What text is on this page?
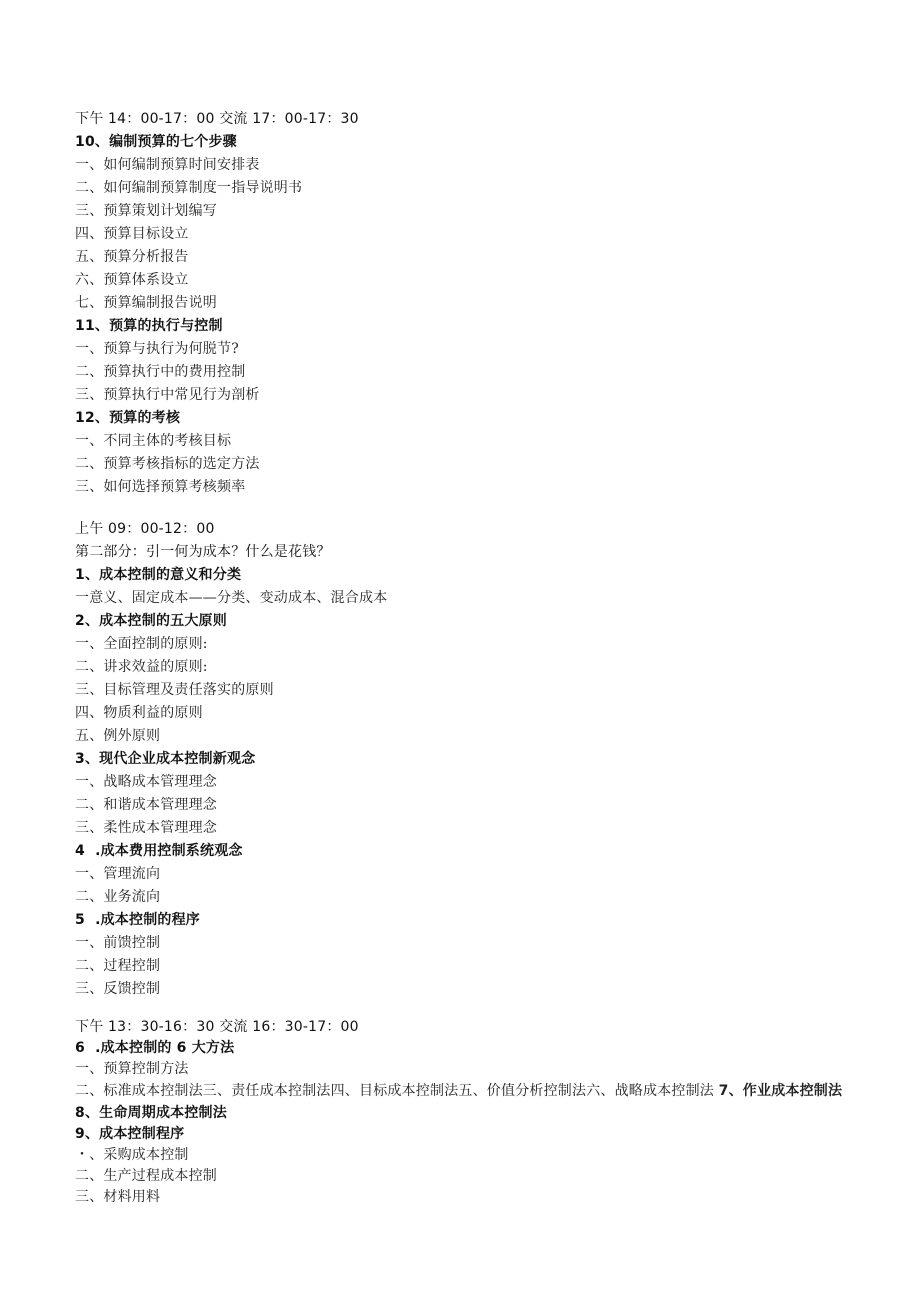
下午 14：00-17：00 交流 17：00-17：30
10、编制预算的七个步骤
一、如何编制预算时间安排表
二、如何编制预算制度一指导说明书
三、预算策划计划编写
四、预算目标设立
五、预算分析报告
六、预算体系设立
七、预算编制报告说明
11、预算的执行与控制
一、预算与执行为何脱节?
二、预算执行中的费用控制
三、预算执行中常见行为剖析
12、预算的考核
一、不同主体的考核目标
二、预算考核指标的选定方法
三、如何选择预算考核频率
上午 09：00-12：00
第二部分：引一何为成本？什么是花钱？
1、成本控制的意义和分类
一意义、固定成本——分类、变动成本、混合成本
2、成本控制的五大原则
一、全面控制的原则:
二、讲求效益的原则:
三、目标管理及责任落实的原则
四、物质利益的原则
五、例外原则
3、现代企业成本控制新观念
一、战略成本管理理念
二、和谐成本管理理念
三、柔性成本管理理念
4  .成本费用控制系统观念
一、管理流向
二、业务流向
5  .成本控制的程序
一、前馈控制
二、过程控制
三、反馈控制
下午 13：30-16：30 交流 16：30-17：00
6  .成本控制的 6 大方法
一、预算控制方法
二、标准成本控制法三、责任成本控制法四、目标成本控制法五、价值分析控制法六、战略成本控制法 7、作业成本控制法
8、生命周期成本控制法
9、成本控制程序
・、采购成本控制
二、生产过程成本控制
三、材料用料
